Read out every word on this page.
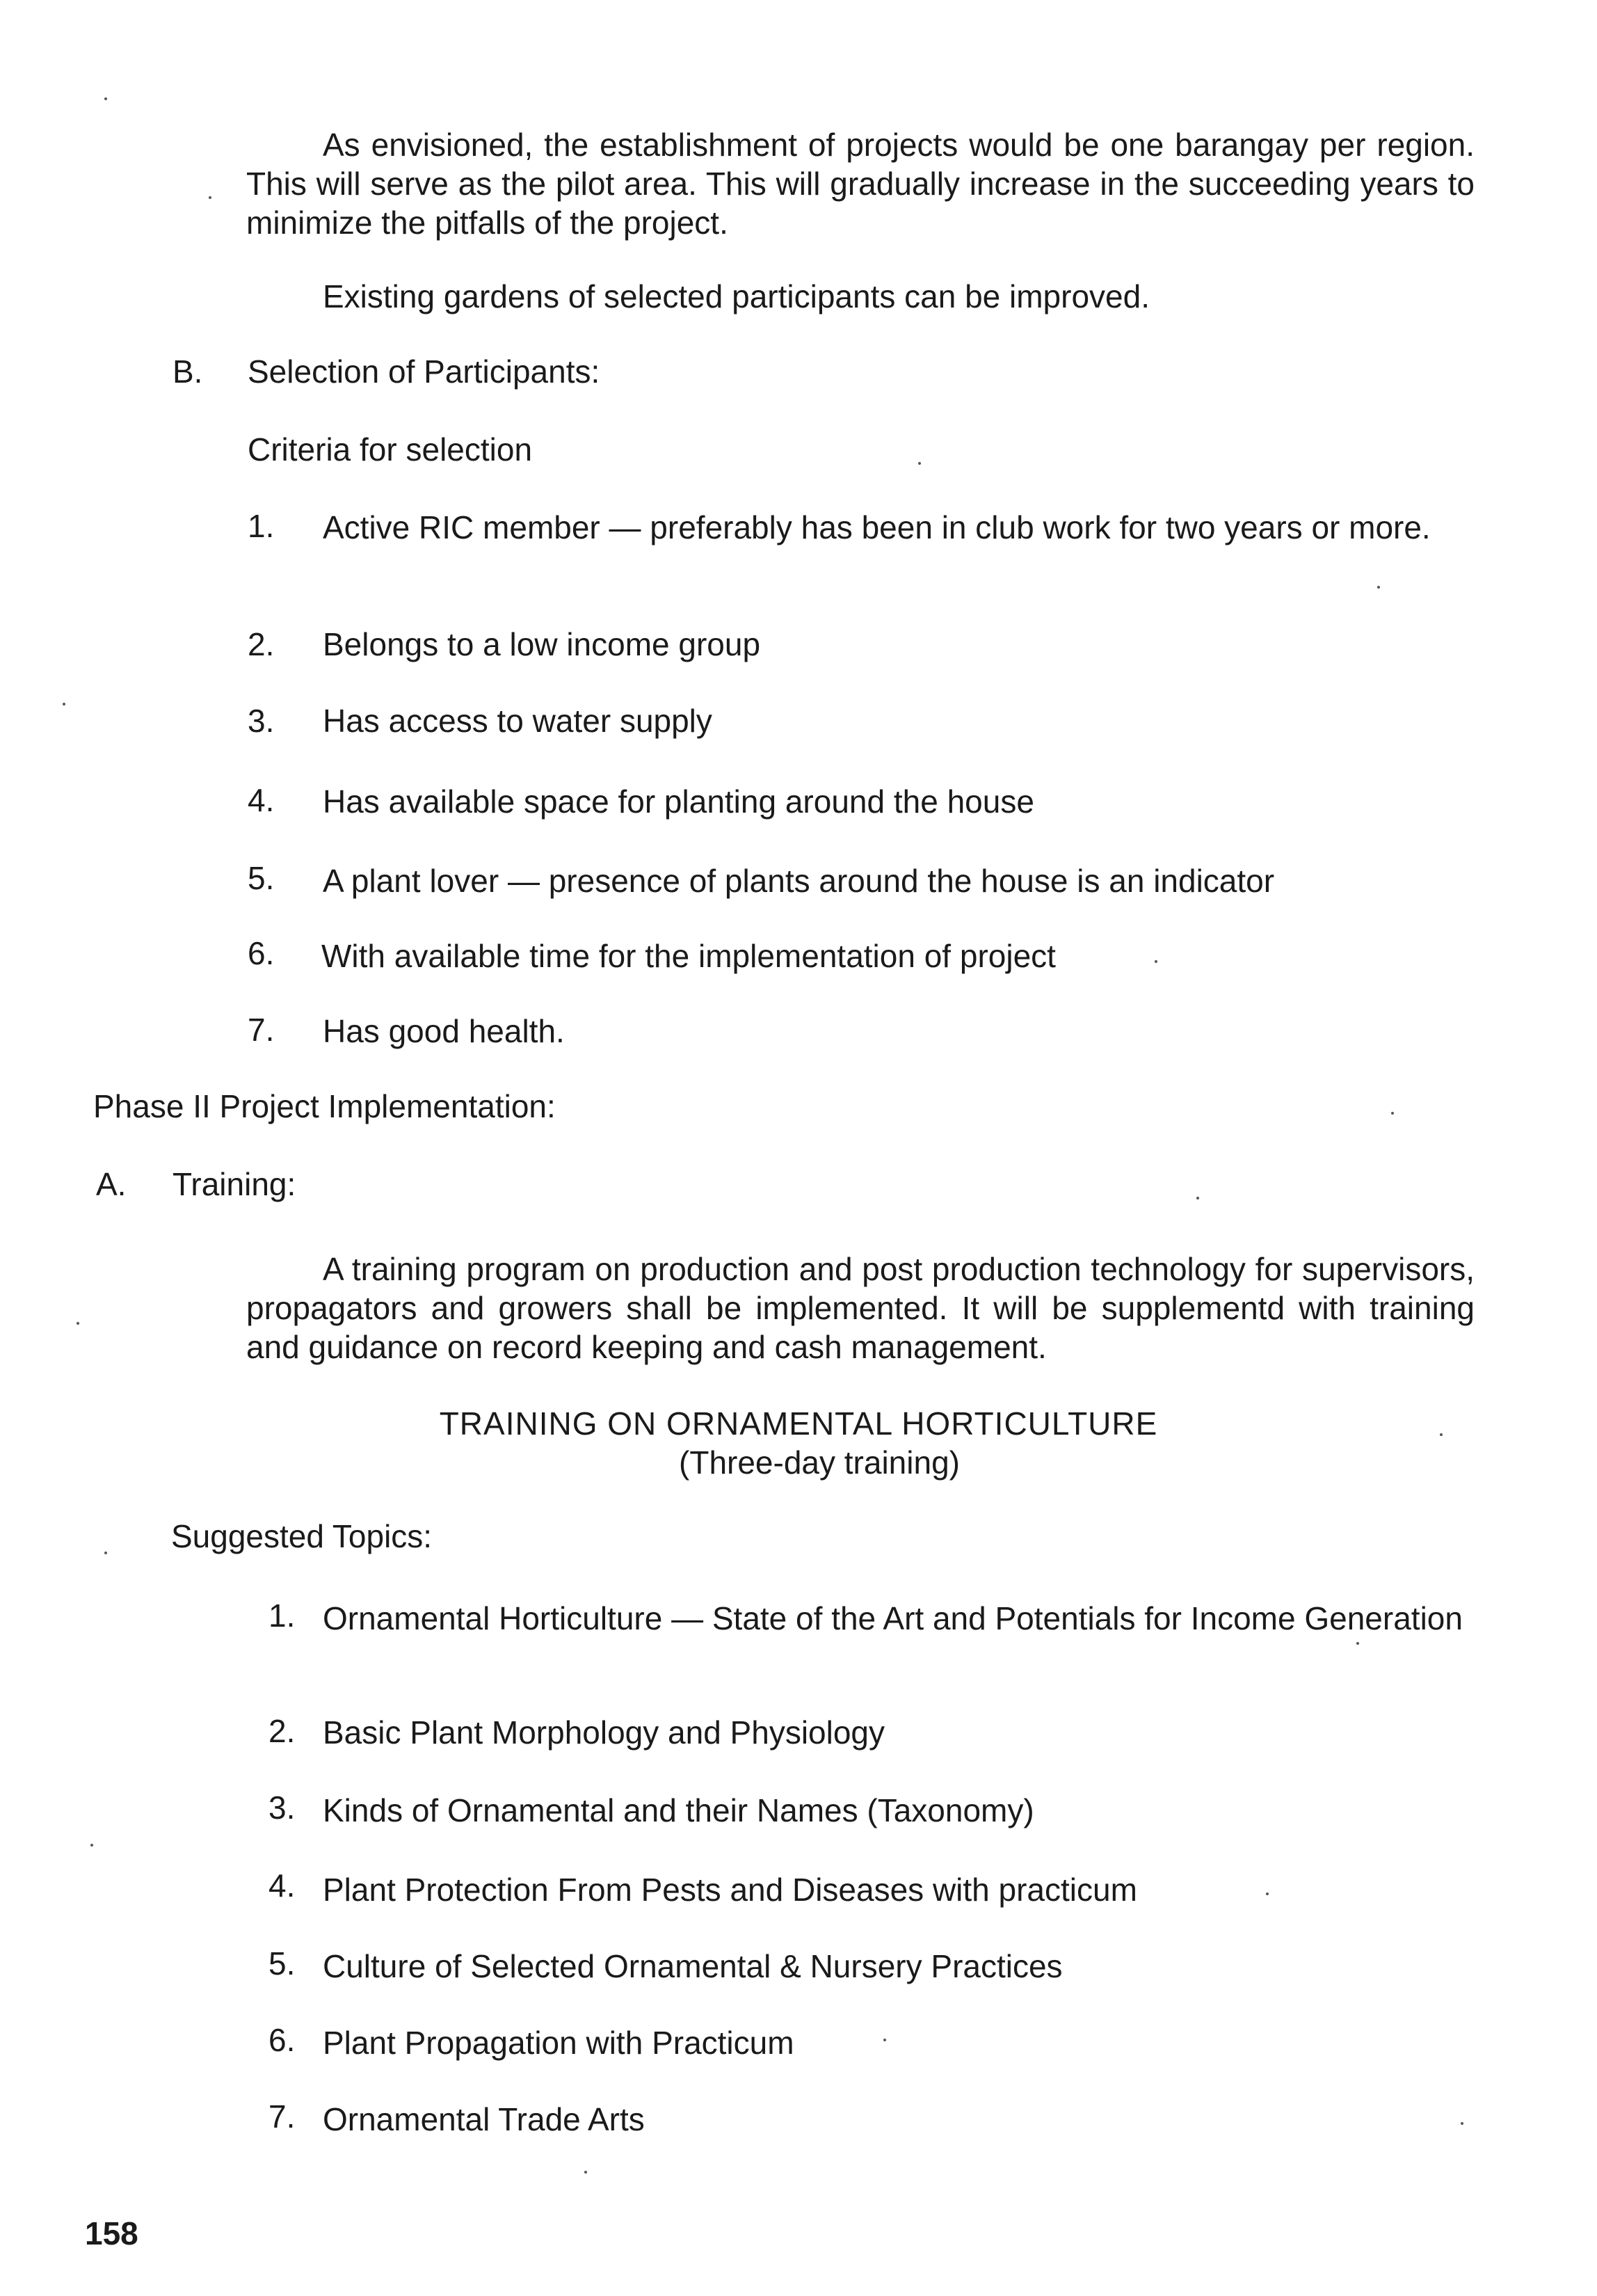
As envisioned, the establishment of projects would be one barangay per region. This will serve as the pilot area. This will gradually increase in the succeeding years to minimize the pitfalls of the project.
Existing gardens of selected participants can be improved.
B. Selection of Participants:
Criteria for selection
1. Active RIC member — preferably has been in club work for two years or more.
2. Belongs to a low income group
3. Has access to water supply
4. Has available space for planting around the house
5. A plant lover — presence of plants around the house is an indicator
6. With available time for the implementation of project
7. Has good health.
Phase II Project Implementation:
A. Training:
A training program on production and post production technology for supervisors, propagators and growers shall be implemented. It will be supplementd with training and guidance on record keeping and cash management.
TRAINING ON ORNAMENTAL HORTICULTURE
(Three-day training)
Suggested Topics:
1. Ornamental Horticulture — State of the Art and Potentials for Income Generation
2. Basic Plant Morphology and Physiology
3. Kinds of Ornamental and their Names (Taxonomy)
4. Plant Protection From Pests and Diseases with practicum
5. Culture of Selected Ornamental & Nursery Practices
6. Plant Propagation with Practicum
7. Ornamental Trade Arts
158
